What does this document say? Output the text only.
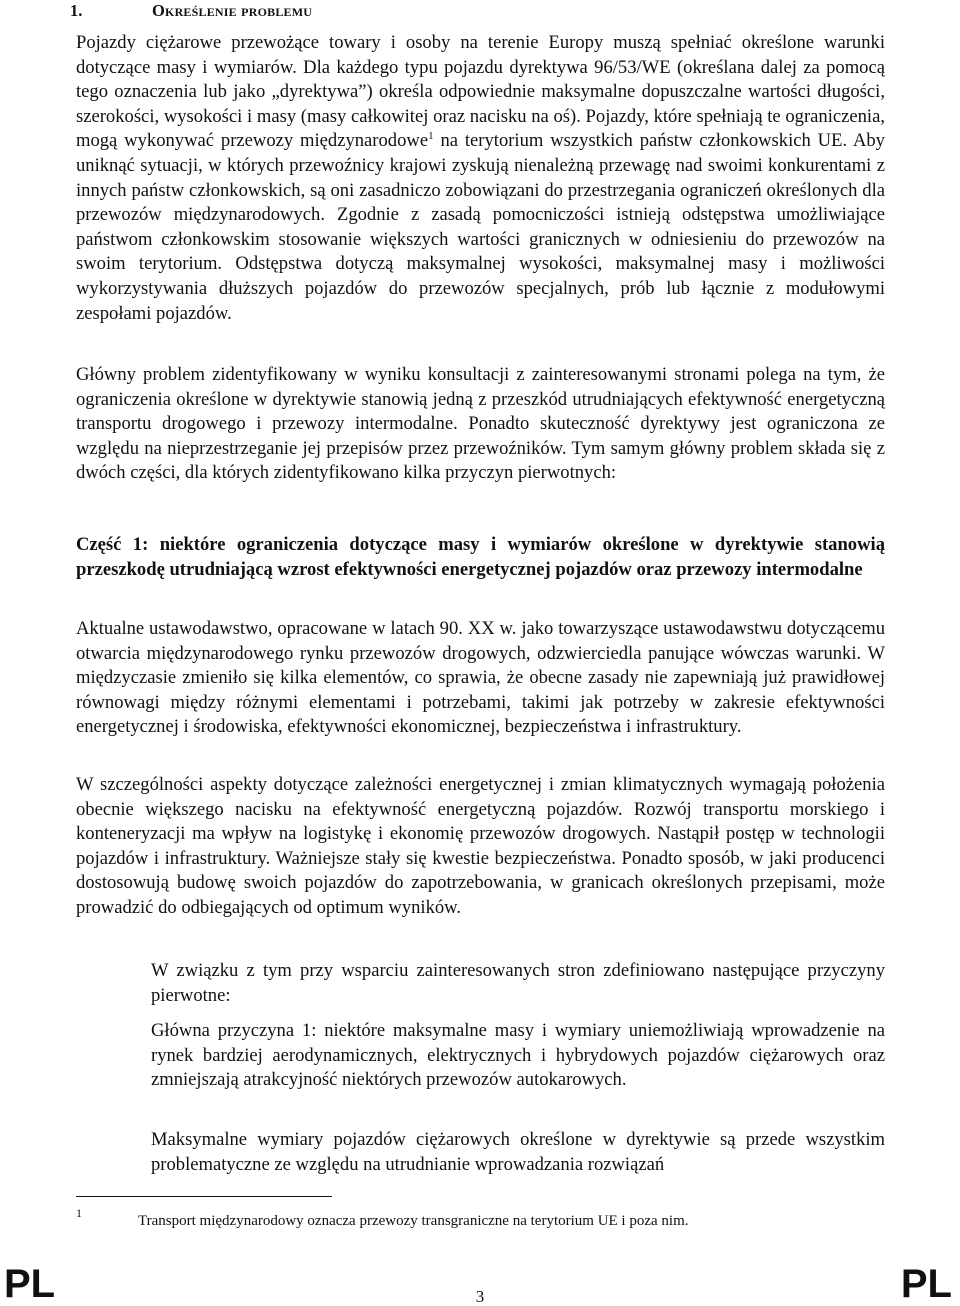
1.	Określenie problemu

Pojazdy ciężarowe przewożące towary i osoby na terenie Europy muszą spełniać określone warunki dotyczące masy i wymiarów. Dla każdego typu pojazdu dyrektywa 96/53/WE (określana dalej za pomocą tego oznaczenia lub jako „dyrektywa”) określa odpowiednie maksymalne dopuszczalne wartości długości, szerokości, wysokości i masy (masy całkowitej oraz nacisku na oś). Pojazdy, które spełniają te ograniczenia, mogą wykonywać przewozy międzynarodowe$^1$ na terytorium wszystkich państw członkowskich UE. Aby uniknąć sytuacji, w których przewoźnicy krajowi zyskują nienależną przewagę nad swoimi konkurentami z innych państw członkowskich, są oni zasadniczo zobowiązani do przestrzegania ograniczeń określonych dla przewozów międzynarodowych. Zgodnie z zasadą pomocniczości istnieją odstępstwa umożliwiające państwom członkowskim stosowanie większych wartości granicznych w odniesieniu do przewozów na swoim terytorium. Odstępstwa dotyczą maksymalnej wysokości, maksymalnej masy i możliwości wykorzystywania dłuższych pojazdów do przewozów specjalnych, prób lub łącznie z modułowymi zespołami pojazdów.

Główny problem zidentyfikowany w wyniku konsultacji z zainteresowanymi stronami polega na tym, że ograniczenia określone w dyrektywie stanowią jedną z przeszkód utrudniających efektywność energetyczną transportu drogowego i przewozy intermodalne. Ponadto skuteczność dyrektywy jest ograniczona ze względu na nieprzestrzeganie jej przepisów przez przewoźników. Tym samym główny problem składa się z dwóch części, dla których zidentyfikowano kilka przyczyn pierwotnych:

Część 1: niektóre ograniczenia dotyczące masy i wymiarów określone w dyrektywie stanowią przeszkodę utrudniającą wzrost efektywności energetycznej pojazdów oraz przewozy intermodalne

Aktualne ustawodawstwo, opracowane w latach 90. XX w. jako towarzyszące ustawodawstwu dotyczącemu otwarcia międzynarodowego rynku przewozów drogowych, odzwierciedla panujące wówczas warunki. W międzyczasie zmieniło się kilka elementów, co sprawia, że obecne zasady nie zapewniają już prawidłowej równowagi między różnymi elementami i potrzebami, takimi jak potrzeby w zakresie efektywności energetycznej i środowiska, efektywności ekonomicznej, bezpieczeństwa i infrastruktury.

W szczególności aspekty dotyczące zależności energetycznej i zmian klimatycznych wymagają położenia obecnie większego nacisku na efektywność energetyczną pojazdów. Rozwój transportu morskiego i konteneryzacji ma wpływ na logistykę i ekonomię przewozów drogowych. Nastąpił postęp w technologii pojazdów i infrastruktury. Ważniejsze stały się kwestie bezpieczeństwa. Ponadto sposób, w jaki producenci dostosowują budowę swoich pojazdów do zapotrzebowania, w granicach określonych przepisami, może prowadzić do odbiegających od optimum wyników.

W związku z tym przy wsparciu zainteresowanych stron zdefiniowano następujące przyczyny pierwotne:

Główna przyczyna 1: niektóre maksymalne masy i wymiary uniemożliwiają wprowadzenie na rynek bardziej aerodynamicznych, elektrycznych i hybrydowych pojazdów ciężarowych oraz zmniejszają atrakcyjność niektórych przewozów autokarowych.

Maksymalne wymiary pojazdów ciężarowych określone w dyrektywie są przede wszystkim problematyczne ze względu na utrudnianie wprowadzania rozwiązań

1	Transport międzynarodowy oznacza przewozy transgraniczne na terytorium UE i poza nim.
PL	3	PL
